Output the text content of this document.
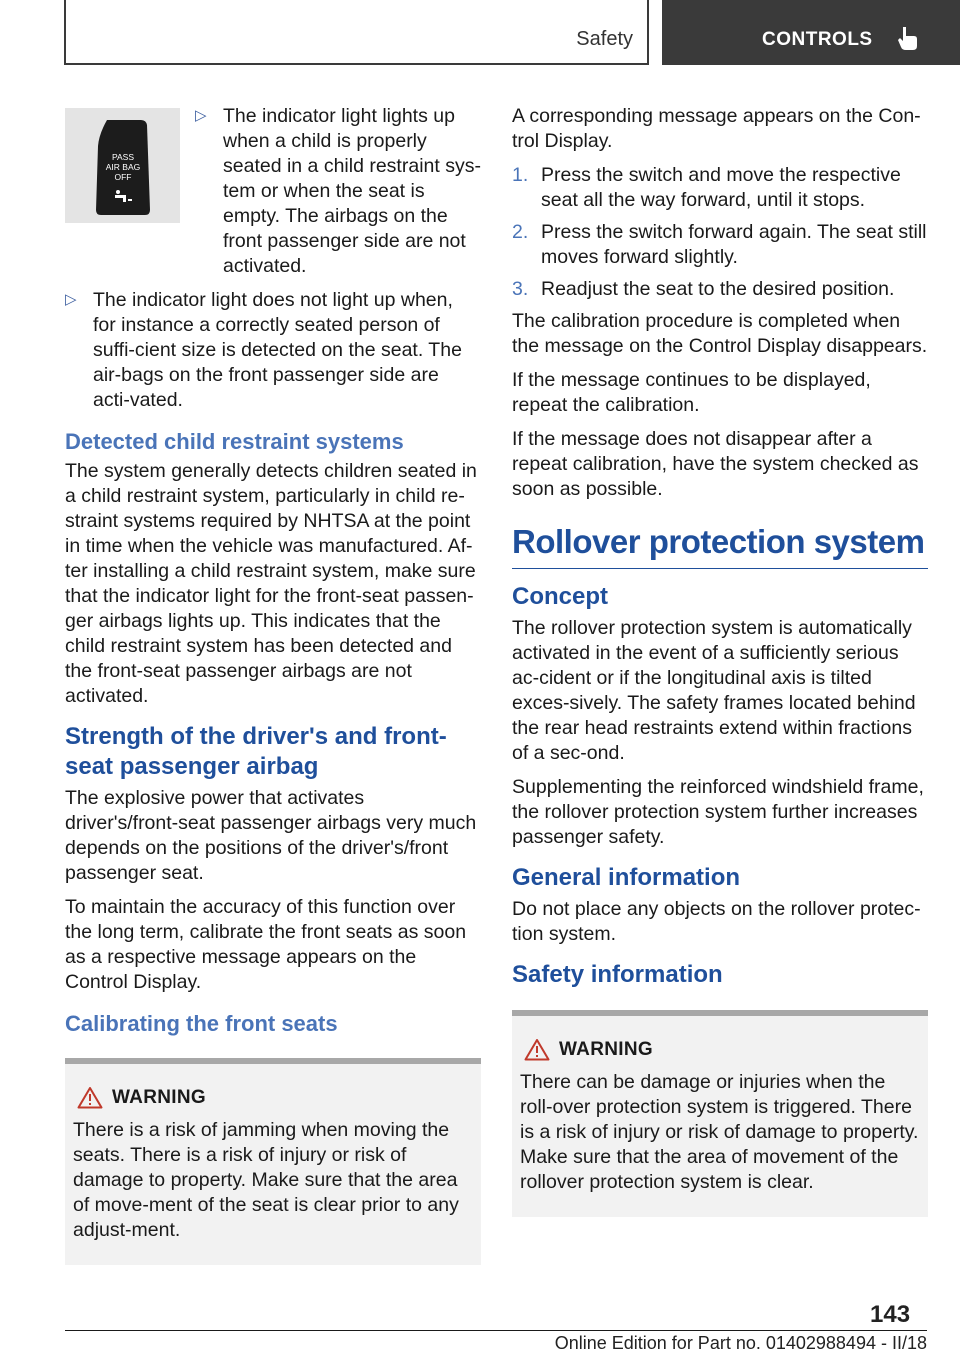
Safety	CONTROLS
PASS
AIR BAG
OFF
▷ The indicator light lights up when a child is properly seated in a child restraint sys-tem or when the seat is empty. The airbags on the front passenger side are not activated.
▷ The indicator light does not light up when, for instance a correctly seated person of suffi-cient size is detected on the seat. The air-bags on the front passenger side are acti-vated.
Detected child restraint systems
The system generally detects children seated in a child restraint system, particularly in child re-straint systems required by NHTSA at the point in time when the vehicle was manufactured. Af-ter installing a child restraint system, make sure that the indicator light for the front-seat passen-ger airbags lights up. This indicates that the child restraint system has been detected and the front-seat passenger airbags are not activated.
Strength of the driver's and front-seat passenger airbag
The explosive power that activates driver's/front-seat passenger airbags very much depends on the positions of the driver's/front passenger seat.
To maintain the accuracy of this function over the long term, calibrate the front seats as soon as a respective message appears on the Control Display.
Calibrating the front seats
WARNING
There is a risk of jamming when moving the seats. There is a risk of injury or risk of damage to property. Make sure that the area of move-ment of the seat is clear prior to any adjust-ment.
A corresponding message appears on the Con-trol Display.
1. Press the switch and move the respective seat all the way forward, until it stops.
2. Press the switch forward again. The seat still moves forward slightly.
3. Readjust the seat to the desired position.
The calibration procedure is completed when the message on the Control Display disappears.
If the message continues to be displayed, repeat the calibration.
If the message does not disappear after a repeat calibration, have the system checked as soon as possible.
Rollover protection system
Concept
The rollover protection system is automatically activated in the event of a sufficiently serious ac-cident or if the longitudinal axis is tilted exces-sively. The safety frames located behind the rear head restraints extend within fractions of a sec-ond.
Supplementing the reinforced windshield frame, the rollover protection system further increases passenger safety.
General information
Do not place any objects on the rollover protec-tion system.
Safety information
WARNING
There can be damage or injuries when the roll-over protection system is triggered. There is a risk of injury or risk of damage to property. Make sure that the area of movement of the rollover protection system is clear.
143
Online Edition for Part no. 01402988494 - II/18
